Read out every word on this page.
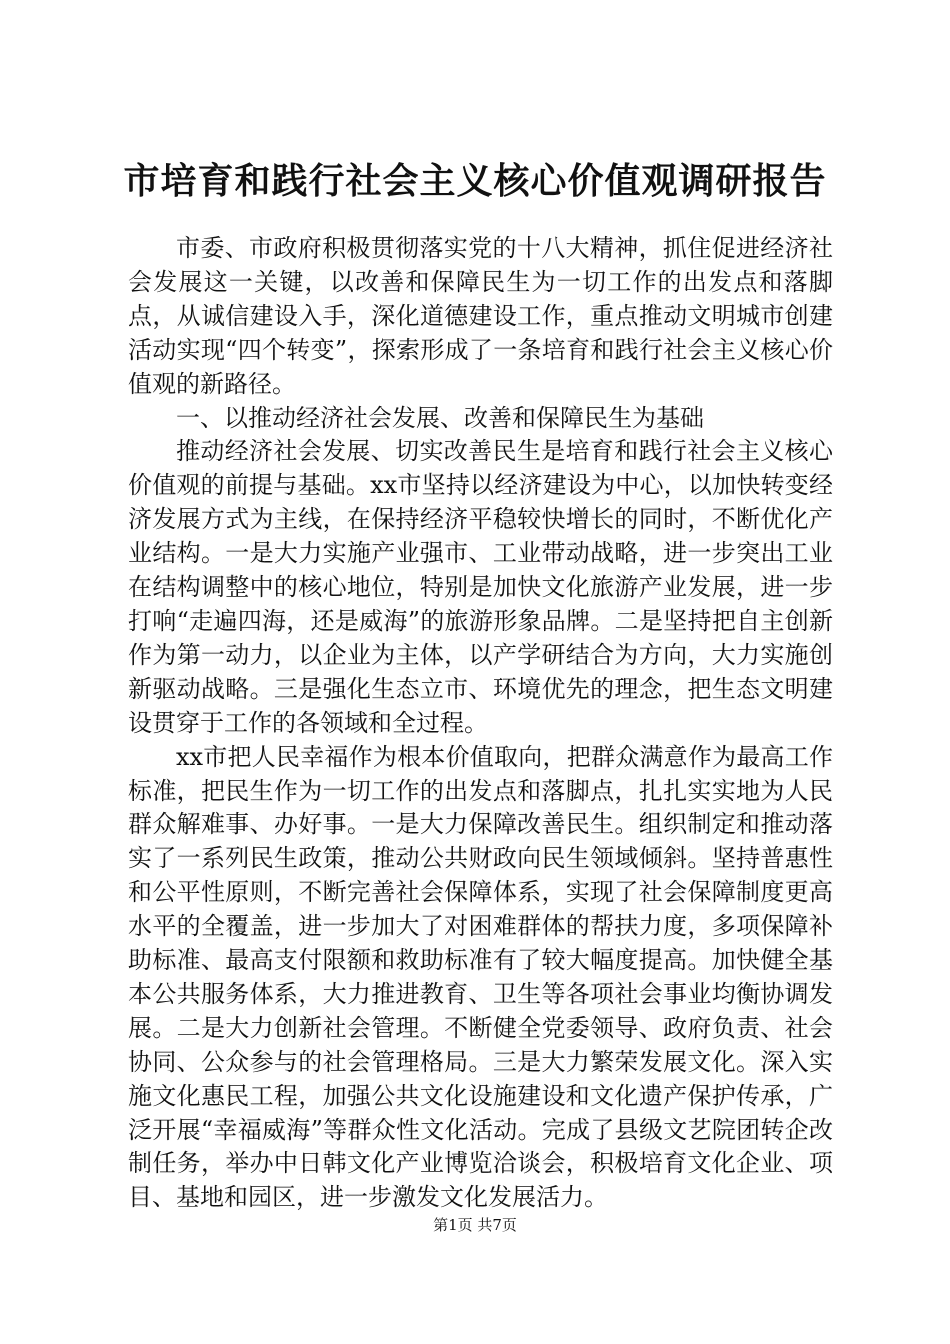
市培育和践行社会主义核心价值观调研报告

市委、市政府积极贯彻落实党的十八大精神，抓住促进经济社会发展这一关键，以改善和保障民生为一切工作的出发点和落脚点，从诚信建设入手，深化道德建设工作，重点推动文明城市创建活动实现“四个转变”，探索形成了一条培育和践行社会主义核心价值观的新路径。

一、以推动经济社会发展、改善和保障民生为基础

推动经济社会发展、切实改善民生是培育和践行社会主义核心价值观的前提与基础。xx市坚持以经济建设为中心，以加快转变经济发展方式为主线，在保持经济平稳较快增长的同时，不断优化产业结构。一是大力实施产业强市、工业带动战略，进一步突出工业在结构调整中的核心地位，特别是加快文化旅游产业发展，进一步打响“走遍四海，还是威海”的旅游形象品牌。二是坚持把自主创新作为第一动力，以企业为主体，以产学研结合为方向，大力实施创新驱动战略。三是强化生态立市、环境优先的理念，把生态文明建设贯穿于工作的各领域和全过程。

xx市把人民幸福作为根本价值取向，把群众满意作为最高工作标准，把民生作为一切工作的出发点和落脚点，扎扎实实地为人民群众解难事、办好事。一是大力保障改善民生。组织制定和推动落实了一系列民生政策，推动公共财政向民生领域倾斜。坚持普惠性和公平性原则，不断完善社会保障体系，实现了社会保障制度更高水平的全覆盖，进一步加大了对困难群体的帮扶力度，多项保障补助标准、最高支付限额和救助标准有了较大幅度提高。加快健全基本公共服务体系，大力推进教育、卫生等各项社会事业均衡协调发展。二是大力创新社会管理。不断健全党委领导、政府负责、社会协同、公众参与的社会管理格局。三是大力繁荣发展文化。深入实施文化惠民工程，加强公共文化设施建设和文化遗产保护传承，广泛开展“幸福威海”等群众性文化活动。完成了县级文艺院团转企改制任务，举办中日韩文化产业博览洽谈会，积极培育文化企业、项目、基地和园区，进一步激发文化发展活力。

第1页 共7页
